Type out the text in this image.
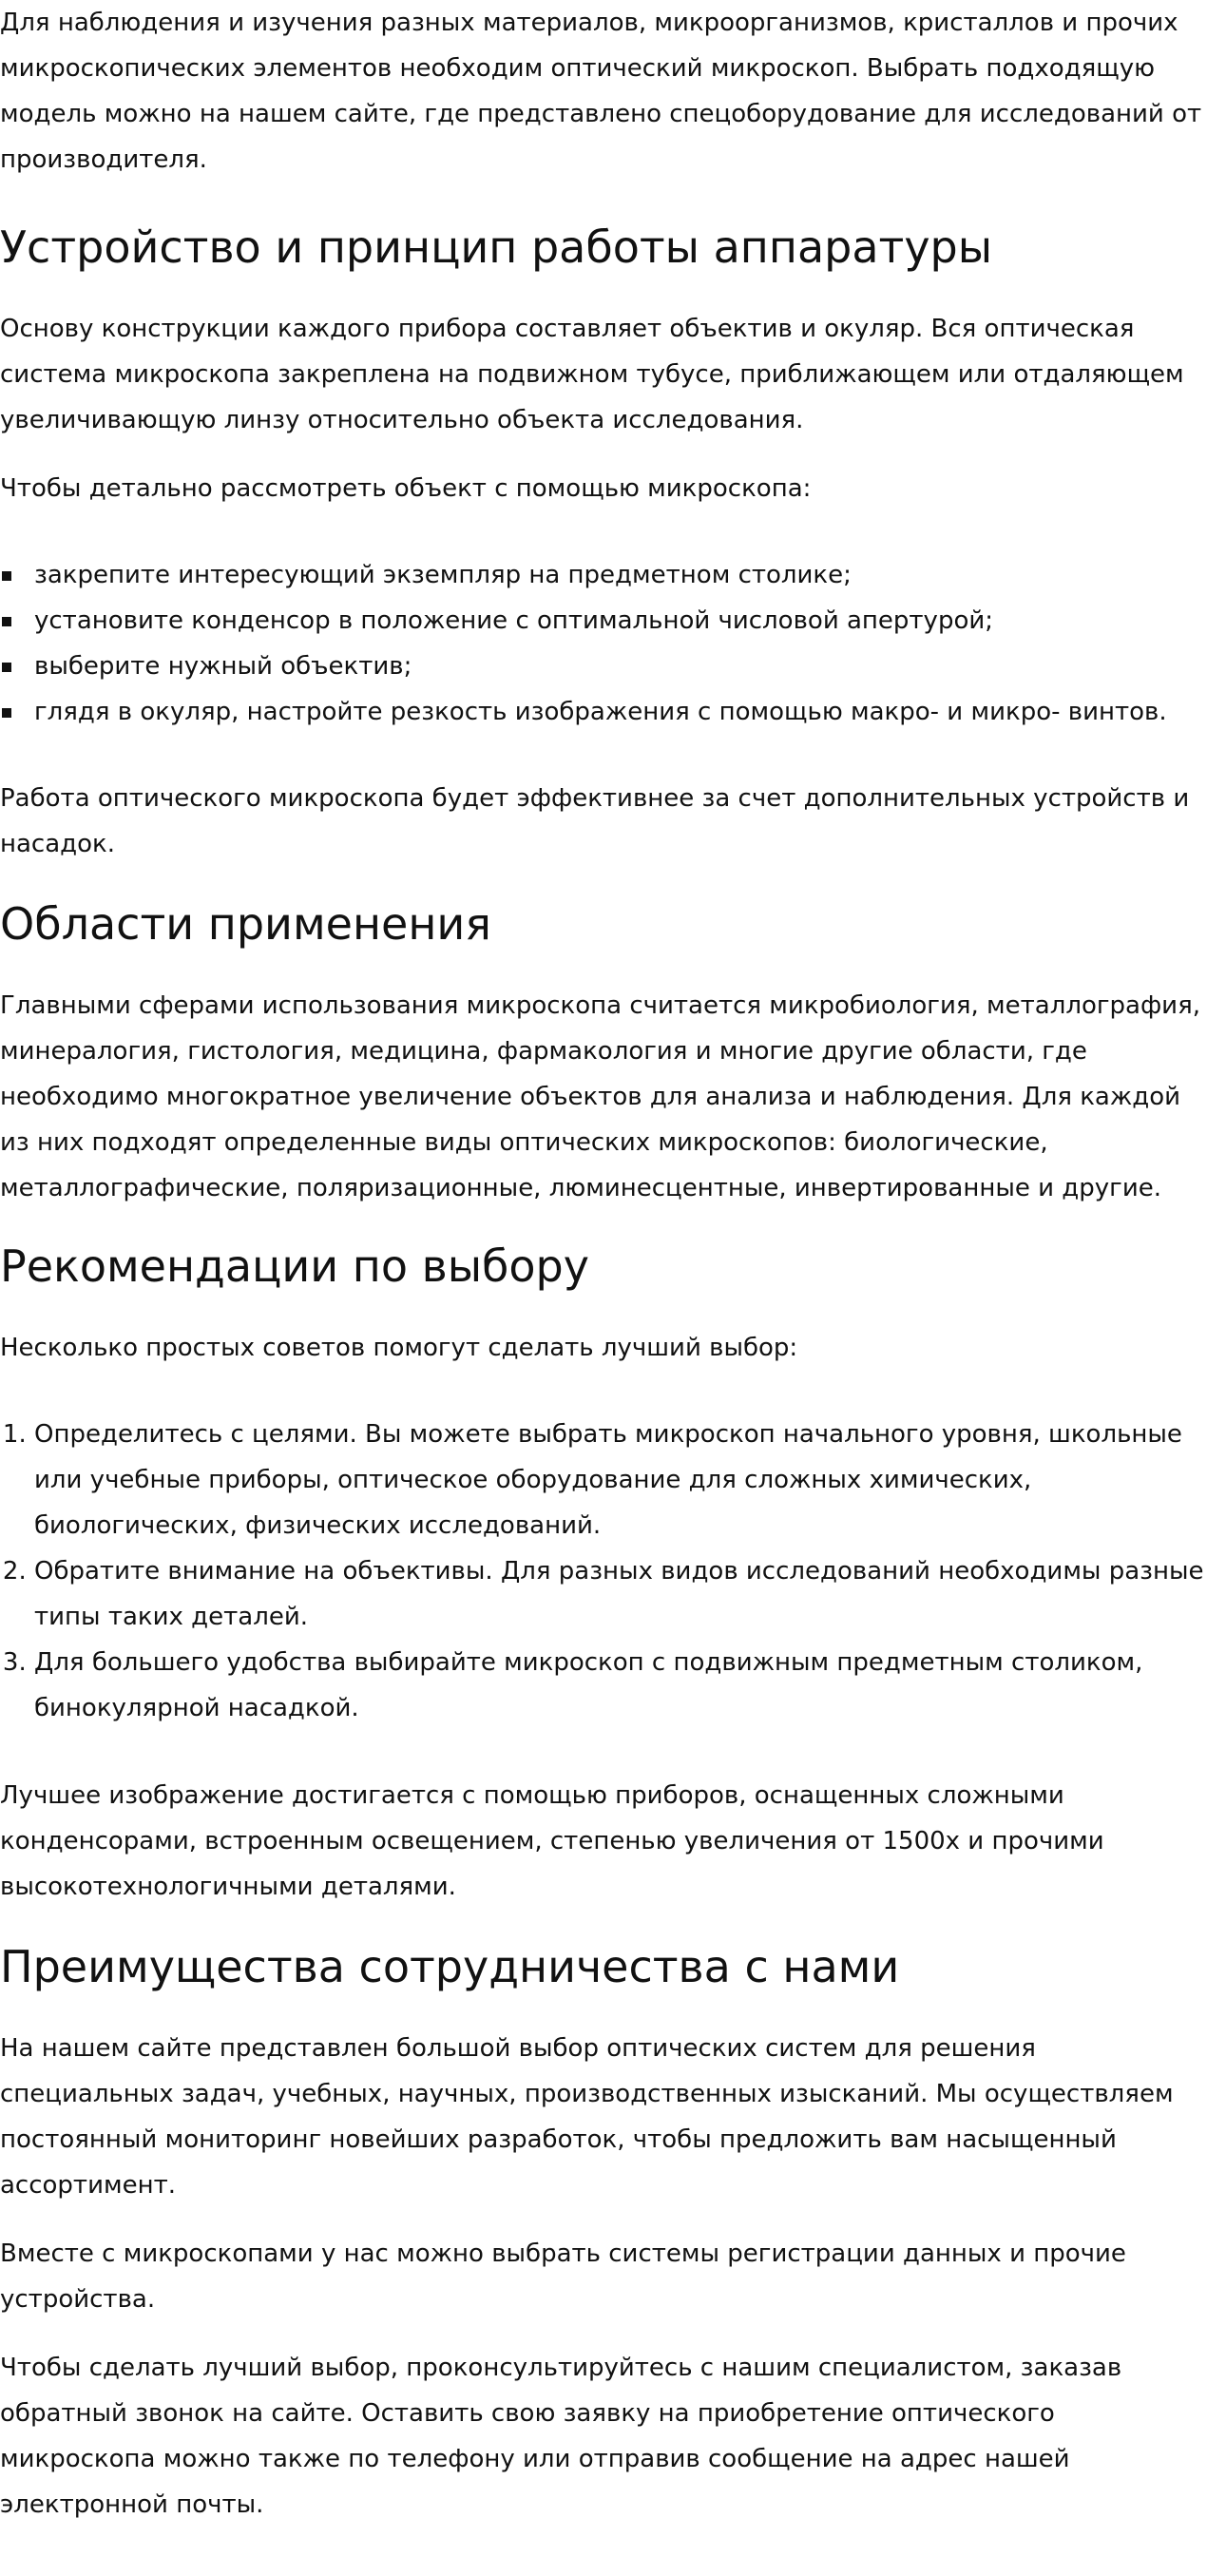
Для наблюдения и изучения разных материалов, микроорганизмов, кристаллов и прочих микроскопических элементов необходим оптический микроскоп. Выбрать подходящую модель можно на нашем сайте, где представлено спецоборудование для исследований от производителя.

Устройство и принцип работы аппаратуры

Основу конструкции каждого прибора составляет объектив и окуляр. Вся оптическая система микроскопа закреплена на подвижном тубусе, приближающем или отдаляющем увеличивающую линзу относительно объекта исследования.

Чтобы детально рассмотреть объект с помощью микроскопа:

закрепите интересующий экземпляр на предметном столике;
установите конденсор в положение с оптимальной числовой апертурой;
выберите нужный объектив;
глядя в окуляр, настройте резкость изображения с помощью макро- и микро- винтов.

Работа оптического микроскопа будет эффективнее за счет дополнительных устройств и насадок.

Области применения

Главными сферами использования микроскопа считается микробиология, металлография, минералогия, гистология, медицина, фармакология и многие другие области, где необходимо многократное увеличение объектов для анализа и наблюдения. Для каждой из них подходят определенные виды оптических микроскопов: биологические, металлографические, поляризационные, люминесцентные, инвертированные и другие.

Рекомендации по выбору

Несколько простых советов помогут сделать лучший выбор:

1. Определитесь с целями. Вы можете выбрать микроскоп начального уровня, школьные или учебные приборы, оптическое оборудование для сложных химических, биологических, физических исследований.
2. Обратите внимание на объективы. Для разных видов исследований необходимы разные типы таких деталей.
3. Для большего удобства выбирайте микроскоп с подвижным предметным столиком, бинокулярной насадкой.

Лучшее изображение достигается с помощью приборов, оснащенных сложными конденсорами, встроенным освещением, степенью увеличения от 1500х и прочими высокотехнологичными деталями.

Преимущества сотрудничества с нами

На нашем сайте представлен большой выбор оптических систем для решения специальных задач, учебных, научных, производственных изысканий. Мы осуществляем постоянный мониторинг новейших разработок, чтобы предложить вам насыщенный ассортимент.

Вместе с микроскопами у нас можно выбрать системы регистрации данных и прочие устройства.

Чтобы сделать лучший выбор, проконсультируйтесь с нашим специалистом, заказав обратный звонок на сайте. Оставить свою заявку на приобретение оптического микроскопа можно также по телефону или отправив сообщение на адрес нашей электронной почты.
